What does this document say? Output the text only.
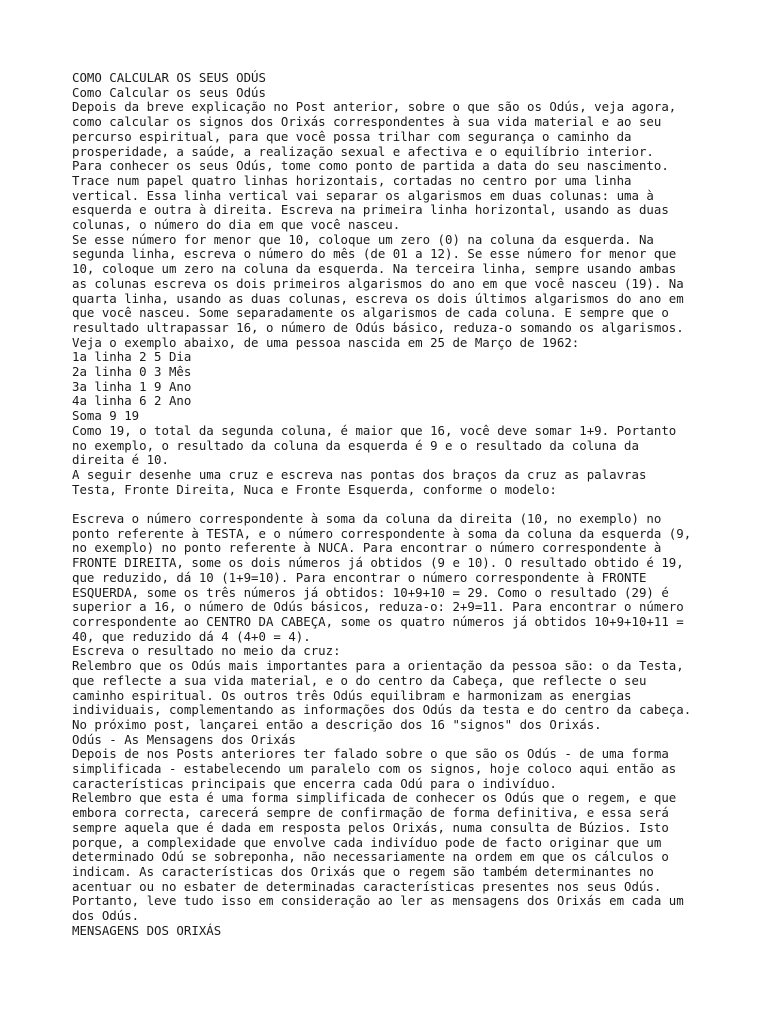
COMO CALCULAR OS SEUS ODÚS
Como Calcular os seus Odús
Depois da breve explicação no Post anterior, sobre o que são os Odús, veja agora,
como calcular os signos dos Orixás correspondentes à sua vida material e ao seu
percurso espiritual, para que você possa trilhar com segurança o caminho da
prosperidade, a saúde, a realização sexual e afectiva e o equilíbrio interior.
Para conhecer os seus Odús, tome como ponto de partida a data do seu nascimento.
Trace num papel quatro linhas horizontais, cortadas no centro por uma linha
vertical. Essa linha vertical vai separar os algarismos em duas colunas: uma à
esquerda e outra à direita. Escreva na primeira linha horizontal, usando as duas
colunas, o número do dia em que você nasceu.
Se esse número for menor que 10, coloque um zero (0) na coluna da esquerda. Na
segunda linha, escreva o número do mês (de 01 a 12). Se esse número for menor que
10, coloque um zero na coluna da esquerda. Na terceira linha, sempre usando ambas
as colunas escreva os dois primeiros algarismos do ano em que você nasceu (19). Na
quarta linha, usando as duas colunas, escreva os dois últimos algarismos do ano em
que você nasceu. Some separadamente os algarismos de cada coluna. E sempre que o
resultado ultrapassar 16, o número de Odús básico, reduza-o somando os algarismos.
Veja o exemplo abaixo, de uma pessoa nascida em 25 de Março de 1962:
1a linha 2 5 Dia
2a linha 0 3 Mês
3a linha 1 9 Ano
4a linha 6 2 Ano
Soma 9 19
Como 19, o total da segunda coluna, é maior que 16, você deve somar 1+9. Portanto
no exemplo, o resultado da coluna da esquerda é 9 e o resultado da coluna da
direita é 10.
A seguir desenhe uma cruz e escreva nas pontas dos braços da cruz as palavras
Testa, Fronte Direita, Nuca e Fronte Esquerda, conforme o modelo:
Escreva o número correspondente à soma da coluna da direita (10, no exemplo) no
ponto referente à TESTA, e o número correspondente à soma da coluna da esquerda (9,
no exemplo) no ponto referente à NUCA. Para encontrar o número correspondente à
FRONTE DIREITA, some os dois números já obtidos (9 e 10). O resultado obtido é 19,
que reduzido, dá 10 (1+9=10). Para encontrar o número correspondente à FRONTE
ESQUERDA, some os três números já obtidos: 10+9+10 = 29. Como o resultado (29) é
superior a 16, o número de Odús básicos, reduza-o: 2+9=11. Para encontrar o número
correspondente ao CENTRO DA CABEÇA, some os quatro números já obtidos 10+9+10+11 =
40, que reduzido dá 4 (4+0 = 4).
Escreva o resultado no meio da cruz:
Relembro que os Odús mais importantes para a orientação da pessoa são: o da Testa,
que reflecte a sua vida material, e o do centro da Cabeça, que reflecte o seu
caminho espiritual. Os outros três Odús equilibram e harmonizam as energias
individuais, complementando as informações dos Odús da testa e do centro da cabeça.
No próximo post, lançarei então a descrição dos 16 "signos" dos Orixás.
Odús - As Mensagens dos Orixás
Depois de nos Posts anteriores ter falado sobre o que são os Odús - de uma forma
simplificada - estabelecendo um paralelo com os signos, hoje coloco aqui então as
características principais que encerra cada Odú para o indivíduo.
Relembro que esta é uma forma simplificada de conhecer os Odús que o regem, e que
embora correcta, carecerá sempre de confirmação de forma definitiva, e essa será
sempre aquela que é dada em resposta pelos Orixás, numa consulta de Búzios. Isto
porque, a complexidade que envolve cada indivíduo pode de facto originar que um
determinado Odú se sobreponha, não necessariamente na ordem em que os cálculos o
indicam. As características dos Orixás que o regem são também determinantes no
acentuar ou no esbater de determinadas características presentes nos seus Odús.
Portanto, leve tudo isso em consideração ao ler as mensagens dos Orixás em cada um
dos Odús.
MENSAGENS DOS ORIXÁS
